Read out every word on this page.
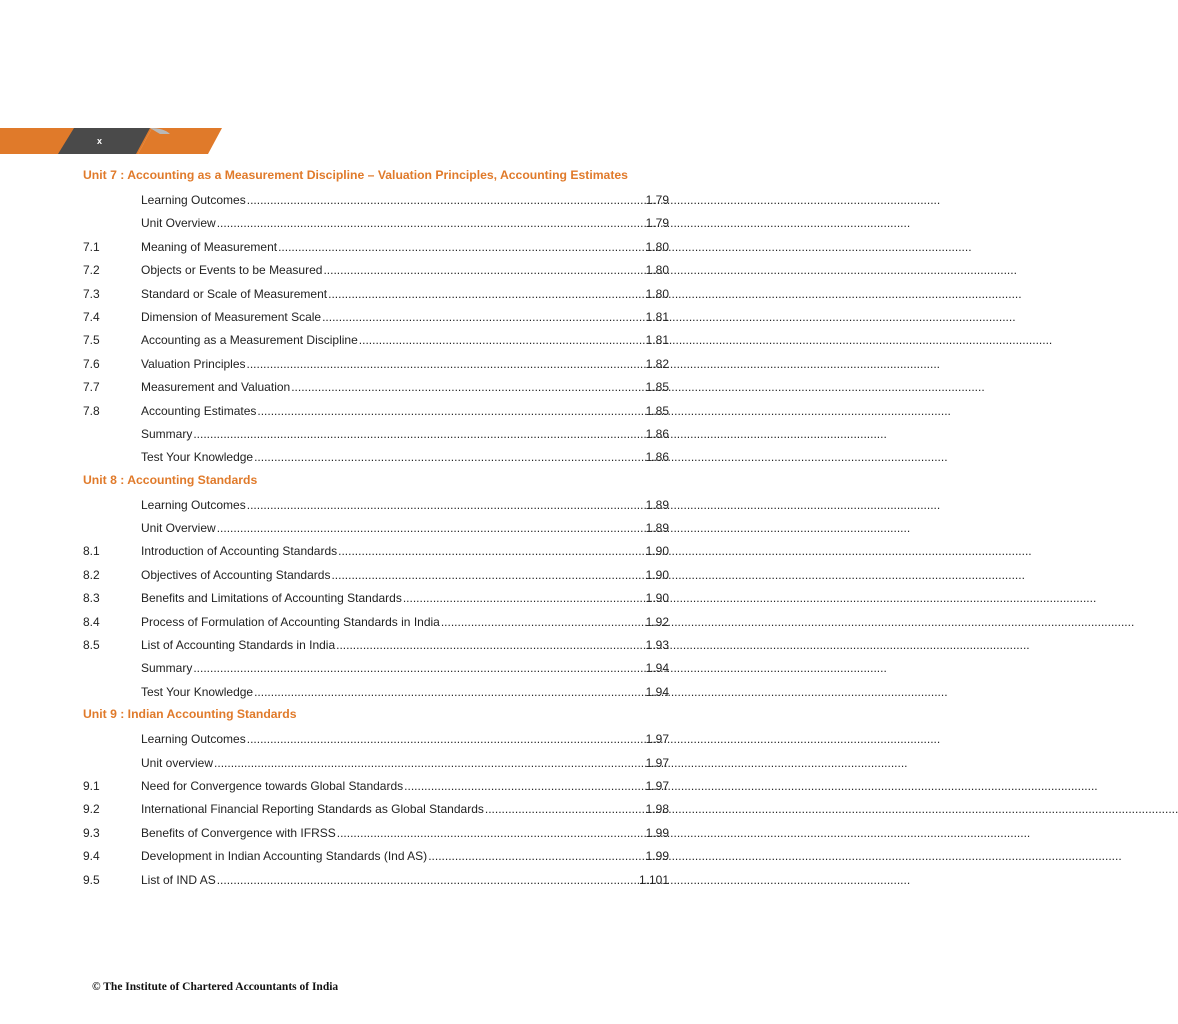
x
Unit 7 : Accounting as a Measurement Discipline – Valuation Principles, Accounting Estimates
Learning Outcomes .....	1.79
Unit Overview .....	1.79
7.1	Meaning of Measurement .....	1.80
7.2	Objects or Events to be Measured .....	1.80
7.3	Standard or Scale of Measurement .....	1.80
7.4	Dimension of Measurement Scale .....	1.81
7.5	Accounting as a Measurement Discipline .....	1.81
7.6	Valuation Principles .....	1.82
7.7	Measurement and Valuation .....	1.85
7.8	Accounting Estimates .....	1.85
Summary .....	1.86
Test Your Knowledge .....	1.86
Unit 8 : Accounting Standards
Learning Outcomes .....	1.89
Unit Overview .....	1.89
8.1	Introduction of Accounting Standards .....	1.90
8.2	Objectives of Accounting Standards .....	1.90
8.3	Benefits and Limitations of Accounting Standards .....	1.90
8.4	Process of Formulation of Accounting Standards in India .....	1.92
8.5	List of Accounting Standards in India .....	1.93
Summary .....	1.94
Test Your Knowledge .....	1.94
Unit 9 : Indian Accounting Standards
Learning Outcomes .....	1.97
Unit overview .....	1.97
9.1	Need for Convergence towards Global Standards .....	1.97
9.2	International Financial Reporting Standards as Global Standards .....	1.98
9.3	Benefits of Convergence with IFRSS .....	1.99
9.4	Development in Indian Accounting Standards (Ind AS) .....	1.99
9.5	List of IND AS .....	1.101
© The Institute of Chartered Accountants of India
